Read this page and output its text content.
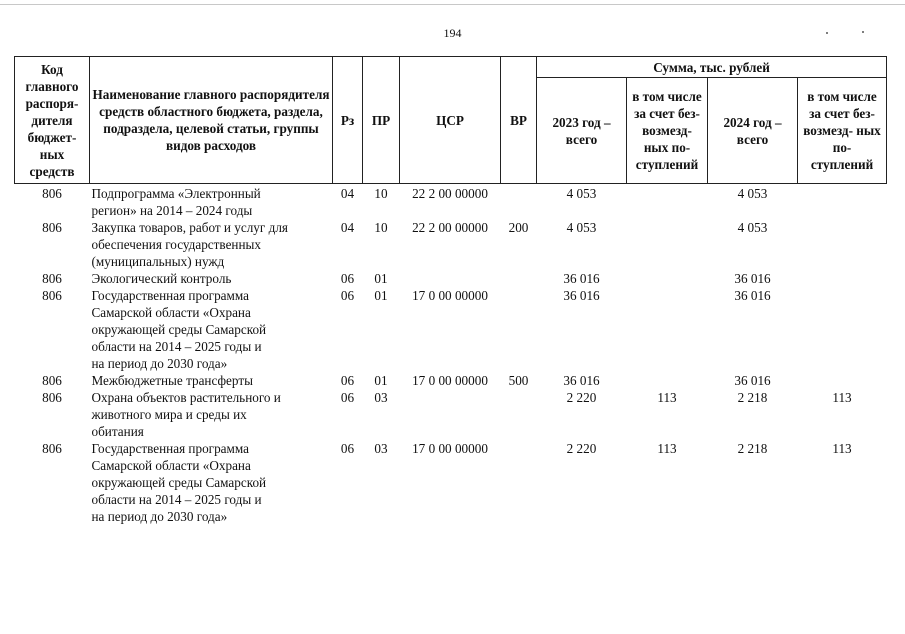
194
Код главного распоря- дителя бюджет- ных средств	Наименование главного распорядителя средств областного бюджета, раздела, подраздела, целевой статьи, группы видов расходов	Рз	ПР	ЦСР	ВР	Сумма, тыс. рублей			
						2023 год – всего	в том числе за счет без- возмезд- ных по- ступлений	2024 год – всего	в том числе за счет без- возмезд- ных по- ступлений
806	Подпрограмма «Электронный
регион» на 2014 – 2024 годы	04	10	22 2 00 00000		4 053		4 053	
806	Закупка товаров, работ и услуг для
обеспечения государственных
(муниципальных) нужд	04	10	22 2 00 00000	200	4 053		4 053	
806	Экологический контроль	06	01			36 016		36 016	
806	Государственная программа
Самарской области «Охрана
окружающей среды Самарской
области на 2014 – 2025 годы и
на период до 2030 года»	06	01	17 0 00 00000		36 016		36 016	
806	Межбюджетные трансферты	06	01	17 0 00 00000	500	36 016		36 016	
806	Охрана объектов растительного и
животного мира и среды их
обитания	06	03			2 220	113	2 218	113
806	Государственная программа
Самарской области «Охрана
окружающей среды Самарской
области на 2014 – 2025 годы и
на период до 2030 года»	06	03	17 0 00 00000		2 220	113	2 218	113
